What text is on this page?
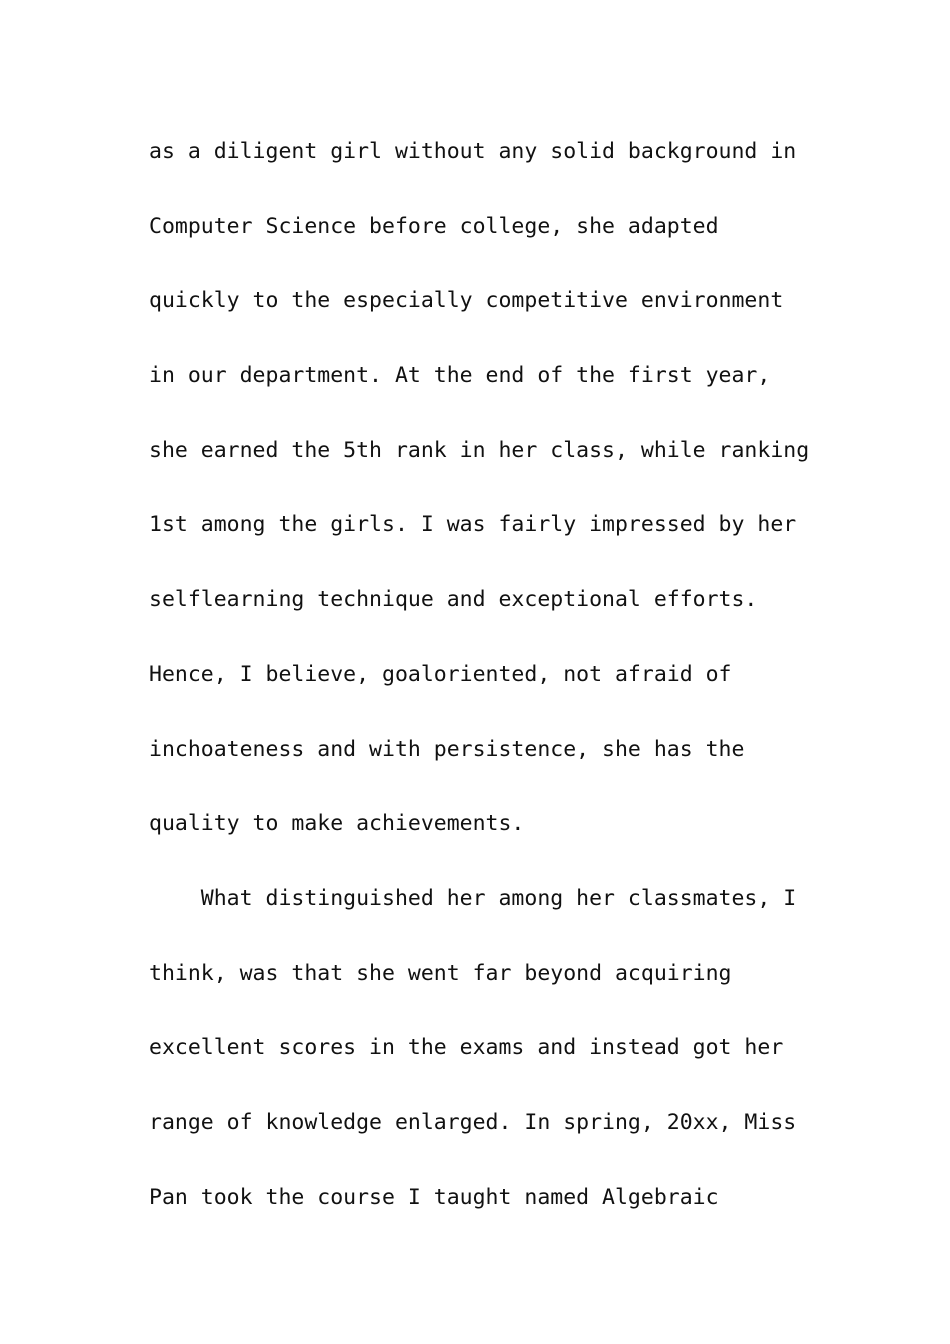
as a diligent girl without any solid background in
Computer Science before college, she adapted
quickly to the especially competitive environment
in our department. At the end of the first year,
she earned the 5th rank in her class, while ranking
1st among the girls. I was fairly impressed by her
selflearning technique and exceptional efforts.
Hence, I believe, goaloriented, not afraid of
inchoateness and with persistence, she has the
quality to make achievements.
What distinguished her among her classmates, I
think, was that she went far beyond acquiring
excellent scores in the exams and instead got her
range of knowledge enlarged. In spring, 20xx, Miss
Pan took the course I taught named Algebraic
